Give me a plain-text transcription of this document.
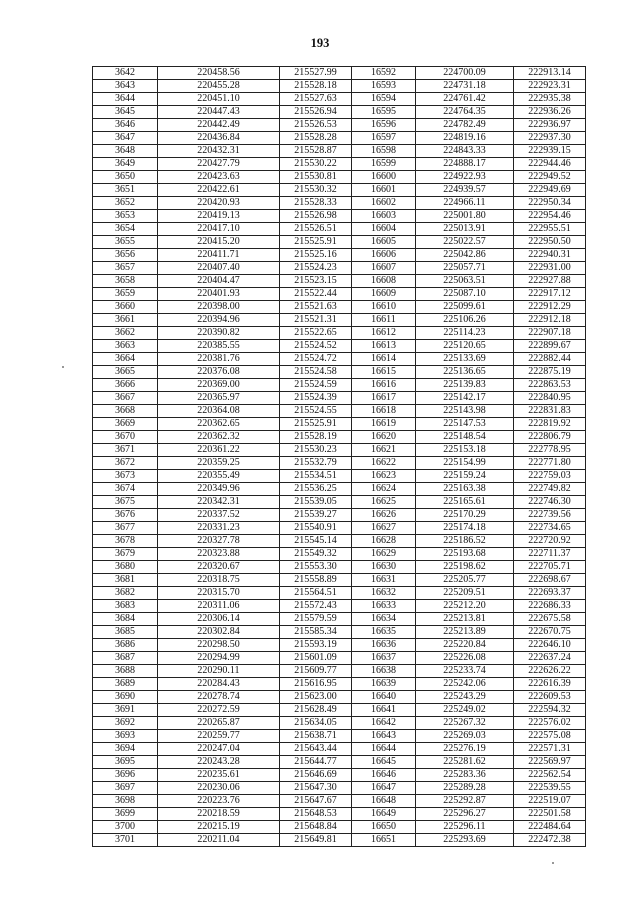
193
3642	220458.56	215527.99	16592	224700.09	222913.14
3643	220455.28	215528.18	16593	224731.18	222923.31
3644	220451.10	215527.63	16594	224761.42	222935.38
3645	220447.43	215526.94	16595	224764.35	222936.26
3646	220442.49	215526.53	16596	224782.49	222936.97
3647	220436.84	215528.28	16597	224819.16	222937.30
3648	220432.31	215528.87	16598	224843.33	222939.15
3649	220427.79	215530.22	16599	224888.17	222944.46
3650	220423.63	215530.81	16600	224922.93	222949.52
3651	220422.61	215530.32	16601	224939.57	222949.69
3652	220420.93	215528.33	16602	224966.11	222950.34
3653	220419.13	215526.98	16603	225001.80	222954.46
3654	220417.10	215526.51	16604	225013.91	222955.51
3655	220415.20	215525.91	16605	225022.57	222950.50
3656	220411.71	215525.16	16606	225042.86	222940.31
3657	220407.40	215524.23	16607	225057.71	222931.00
3658	220404.47	215523.15	16608	225063.51	222927.88
3659	220401.93	215522.44	16609	225087.10	222917.12
3660	220398.00	215521.63	16610	225099.61	222912.29
3661	220394.96	215521.31	16611	225106.26	222912.18
3662	220390.82	215522.65	16612	225114.23	222907.18
3663	220385.55	215524.52	16613	225120.65	222899.67
3664	220381.76	215524.72	16614	225133.69	222882.44
3665	220376.08	215524.58	16615	225136.65	222875.19
3666	220369.00	215524.59	16616	225139.83	222863.53
3667	220365.97	215524.39	16617	225142.17	222840.95
3668	220364.08	215524.55	16618	225143.98	222831.83
3669	220362.65	215525.91	16619	225147.53	222819.92
3670	220362.32	215528.19	16620	225148.54	222806.79
3671	220361.22	215530.23	16621	225153.18	222778.95
3672	220359.25	215532.79	16622	225154.99	222771.80
3673	220355.49	215534.51	16623	225159.24	222759.03
3674	220349.96	215536.25	16624	225163.38	222749.82
3675	220342.31	215539.05	16625	225165.61	222746.30
3676	220337.52	215539.27	16626	225170.29	222739.56
3677	220331.23	215540.91	16627	225174.18	222734.65
3678	220327.78	215545.14	16628	225186.52	222720.92
3679	220323.88	215549.32	16629	225193.68	222711.37
3680	220320.67	215553.30	16630	225198.62	222705.71
3681	220318.75	215558.89	16631	225205.77	222698.67
3682	220315.70	215564.51	16632	225209.51	222693.37
3683	220311.06	215572.43	16633	225212.20	222686.33
3684	220306.14	215579.59	16634	225213.81	222675.58
3685	220302.84	215585.34	16635	225213.89	222670.75
3686	220298.50	215593.19	16636	225220.84	222646.10
3687	220294.99	215601.09	16637	225226.08	222637.24
3688	220290.11	215609.77	16638	225233.74	222626.22
3689	220284.43	215616.95	16639	225242.06	222616.39
3690	220278.74	215623.00	16640	225243.29	222609.53
3691	220272.59	215628.49	16641	225249.02	222594.32
3692	220265.87	215634.05	16642	225267.32	222576.02
3693	220259.77	215638.71	16643	225269.03	222575.08
3694	220247.04	215643.44	16644	225276.19	222571.31
3695	220243.28	215644.77	16645	225281.62	222569.97
3696	220235.61	215646.69	16646	225283.36	222562.54
3697	220230.06	215647.30	16647	225289.28	222539.55
3698	220223.76	215647.67	16648	225292.87	222519.07
3699	220218.59	215648.53	16649	225296.27	222501.58
3700	220215.19	215648.84	16650	225296.11	222484.64
3701	220211.04	215649.81	16651	225293.69	222472.38
